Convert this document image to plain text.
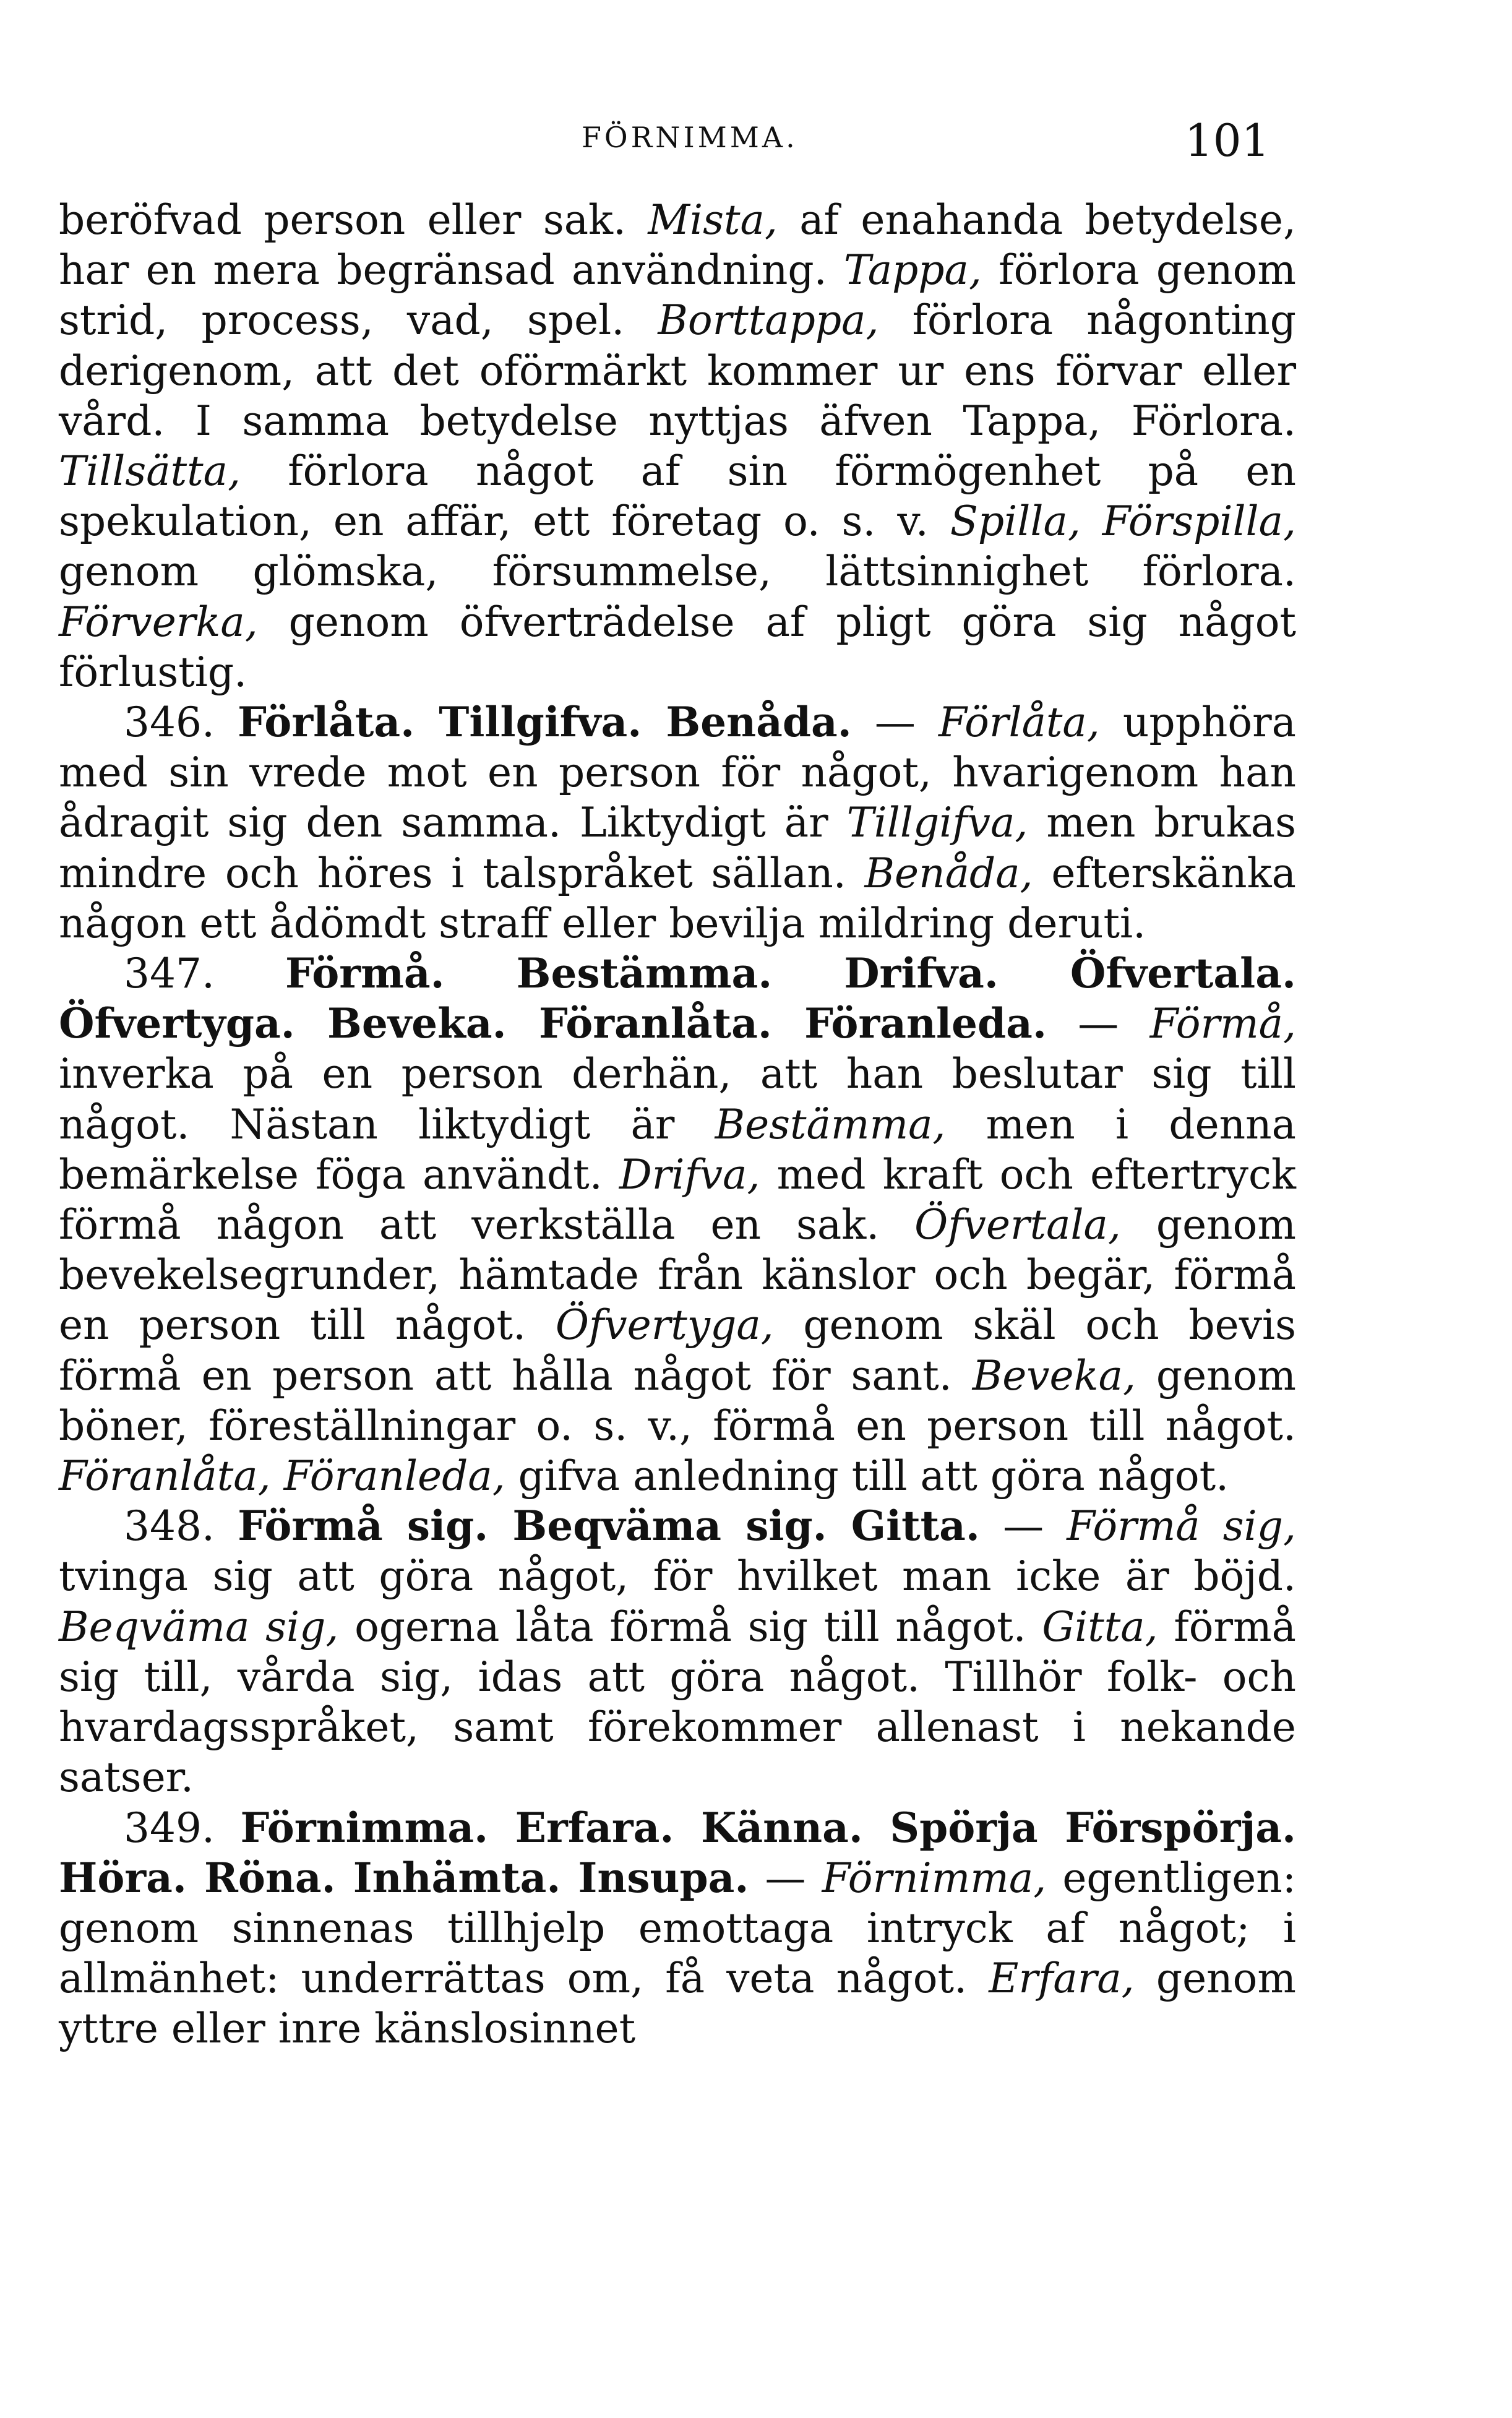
FÖRNIMMA.	101

beröfvad person eller sak. Mista, af enahanda betydelse, har en mera begränsad användning. Tappa, förlora genom strid, process, vad, spel. Borttappa, förlora någonting derigenom, att det oförmärkt kommer ur ens förvar eller vård. I samma betydelse nyttjas äfven Tappa, Förlora. Tillsätta, förlora något af sin förmögenhet på en spekulation, en affär, ett företag o. s. v. Spilla, Förspilla, genom glömska, försummelse, lättsinnighet förlora. Förverka, genom öfverträdelse af pligt göra sig något förlustig.

346. Förlåta. Tillgifva. Benåda. — Förlåta, upphöra med sin vrede mot en person för något, hvarigenom han ådragit sig den samma. Liktydigt är Tillgifva, men brukas mindre och höres i talspråket sällan. Benåda, efterskänka någon ett ådömdt straff eller bevilja mildring deruti.

347. Förmå. Bestämma. Drifva. Öfvertala. Öfvertyga. Beveka. Föranlåta. Föranleda. — Förmå, inverka på en person derhän, att han beslutar sig till något. Nästan liktydigt är Bestämma, men i denna bemärkelse föga användt. Drifva, med kraft och eftertryck förmå någon att verkställa en sak. Öfvertala, genom bevekelsegrunder, hämtade från känslor och begär, förmå en person till något. Öfvertyga, genom skäl och bevis förmå en person att hålla något för sant. Beveka, genom böner, föreställningar o. s. v., förmå en person till något. Föranlåta, Föranleda, gifva anledning till att göra något.

348. Förmå sig. Beqväma sig. Gitta. — Förmå sig, tvinga sig att göra något, för hvilket man icke är böjd. Beqväma sig, ogerna låta förmå sig till något. Gitta, förmå sig till, vårda sig, idas att göra något. Tillhör folk- och hvardagsspråket, samt förekommer allenast i nekande satser.

349. Förnimma. Erfara. Känna. Spörja Förspörja. Höra. Röna. Inhämta. Insupa. — Förnimma, egentligen: genom sinnenas tillhjelp emottaga intryck af något; i allmänhet: underrättas om, få veta något. Erfara, genom yttre eller inre känslosinnet
